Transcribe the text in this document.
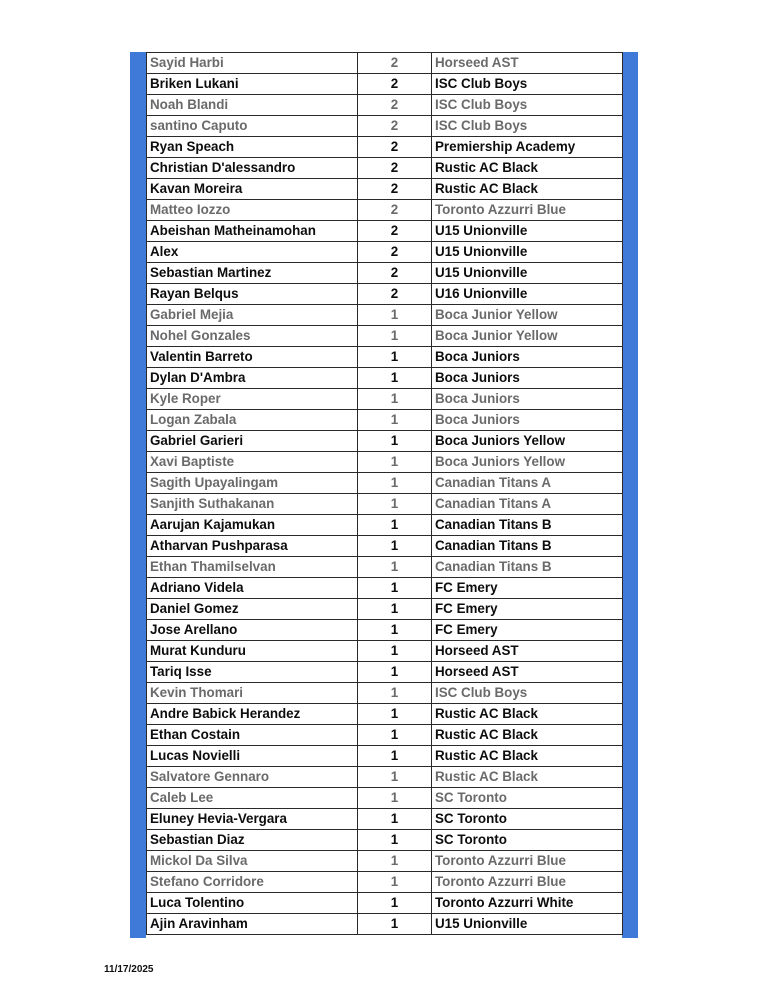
Sayid Harbi	2	Horseed AST
Briken Lukani	2	ISC Club Boys
Noah Blandi	2	ISC Club Boys
santino Caputo	2	ISC Club Boys
Ryan Speach	2	Premiership Academy
Christian D'alessandro	2	Rustic AC Black
Kavan Moreira	2	Rustic AC Black
Matteo Iozzo	2	Toronto Azzurri Blue
Abeishan Matheinamohan	2	U15 Unionville
Alex	2	U15 Unionville
Sebastian Martinez	2	U15 Unionville
Rayan Belqus	2	U16 Unionville
Gabriel Mejia	1	Boca Junior Yellow
Nohel Gonzales	1	Boca Junior Yellow
Valentin Barreto	1	Boca Juniors
Dylan D'Ambra	1	Boca Juniors
Kyle Roper	1	Boca Juniors
Logan Zabala	1	Boca Juniors
Gabriel Garieri	1	Boca Juniors Yellow
Xavi Baptiste	1	Boca Juniors Yellow
Sagith Upayalingam	1	Canadian Titans A
Sanjith Suthakanan	1	Canadian Titans A
Aarujan Kajamukan	1	Canadian Titans B
Atharvan Pushparasa	1	Canadian Titans B
Ethan Thamilselvan	1	Canadian Titans B
Adriano Videla	1	FC Emery
Daniel Gomez	1	FC Emery
Jose Arellano	1	FC Emery
Murat Kunduru	1	Horseed AST
Tariq Isse	1	Horseed AST
Kevin Thomari	1	ISC Club Boys
Andre Babick Herandez	1	Rustic AC Black
Ethan Costain	1	Rustic AC Black
Lucas Novielli	1	Rustic AC Black
Salvatore Gennaro	1	Rustic AC Black
Caleb Lee	1	SC Toronto
Eluney Hevia-Vergara	1	SC Toronto
Sebastian Diaz	1	SC Toronto
Mickol Da Silva	1	Toronto Azzurri Blue
Stefano Corridore	1	Toronto Azzurri Blue
Luca Tolentino	1	Toronto Azzurri White
Ajin Aravinham	1	U15 Unionville
11/17/2025
